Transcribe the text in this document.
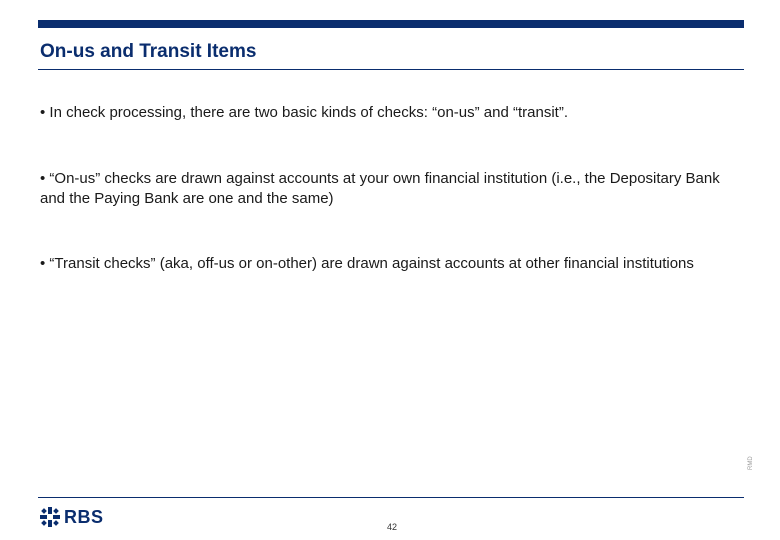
On-us and Transit Items

• In check processing, there are two basic kinds of checks: “on-us” and “transit”.

• “On-us” checks are drawn against accounts at your own financial institution (i.e., the Depositary Bank and the Paying Bank are one and the same)

• “Transit checks” (aka, off-us or on-other) are drawn against accounts at other financial institutions

RMD
RBS
42
